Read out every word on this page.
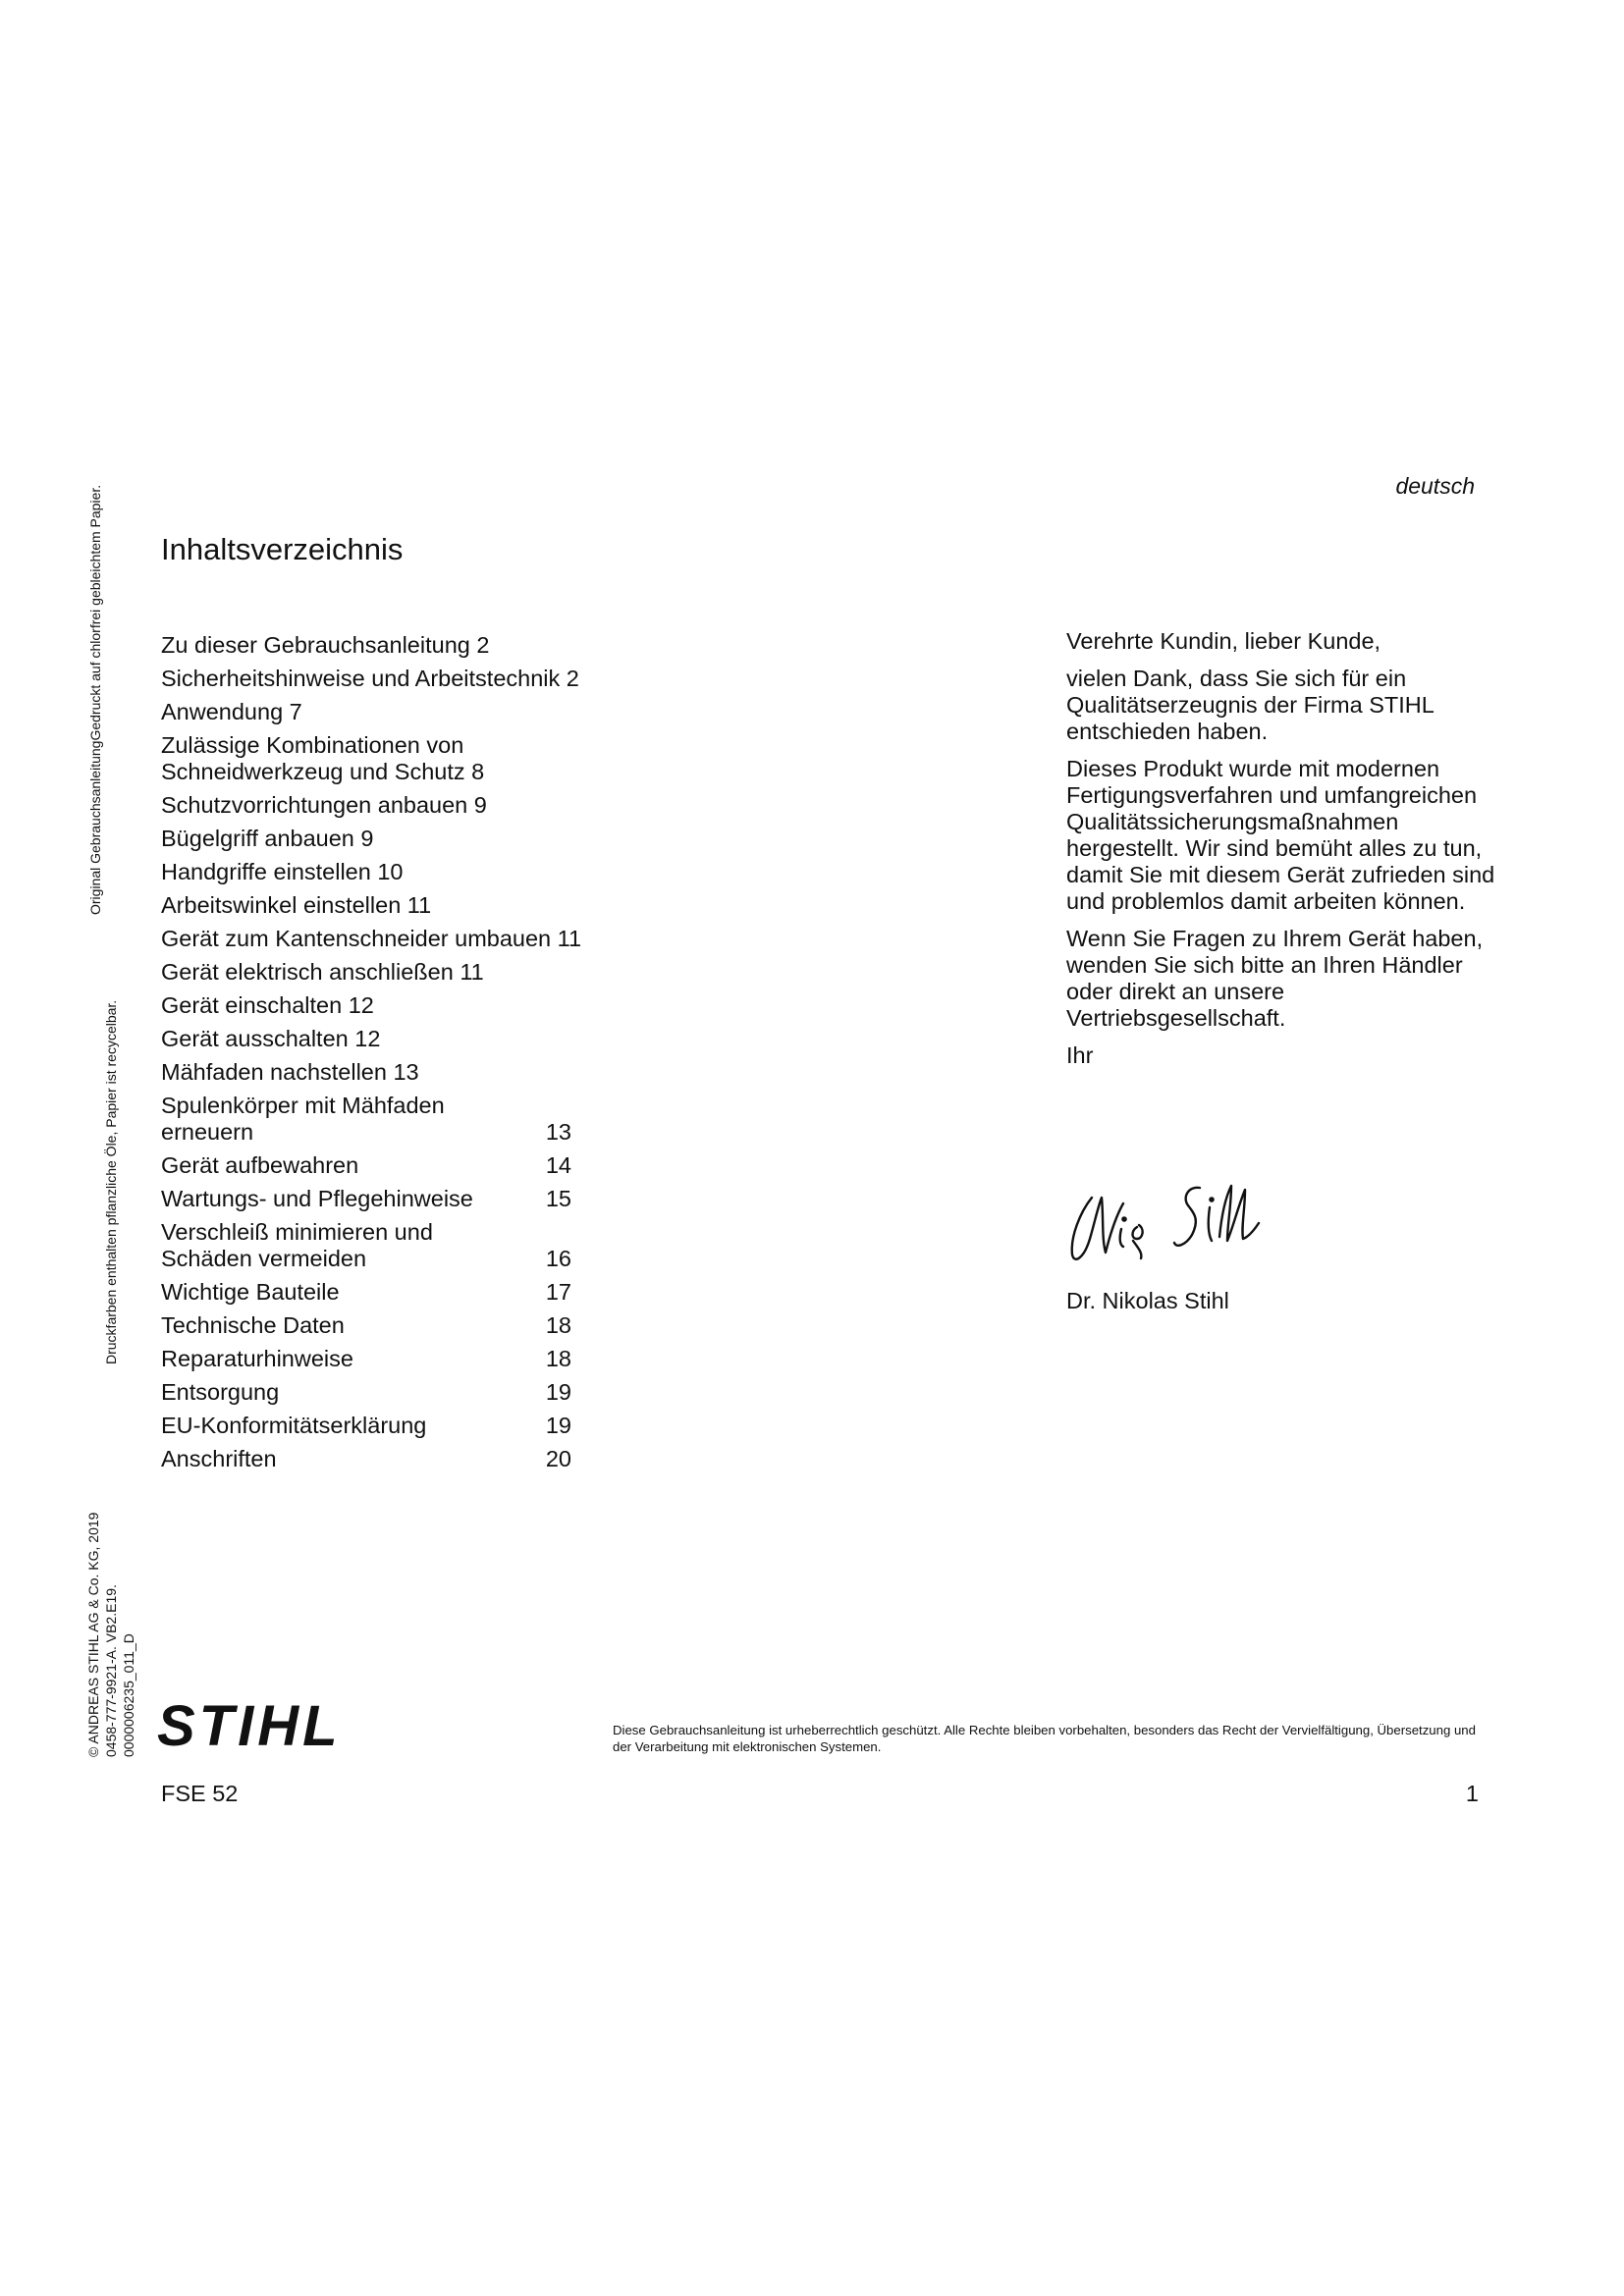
Original GebrauchsanleitungGedruckt auf chlorfrei gebleichtem Papier.
Druckfarben enthalten pflanzliche Öle, Papier ist recycelbar.
© ANDREAS STIHL AG & Co. KG, 2019 0458-777-9921-A. VB2.E19. 0000006235_011_D
deutsch
Inhaltsverzeichnis
Zu dieser Gebrauchsanleitung 2
Sicherheitshinweise und Arbeitstechnik 2
Anwendung 7
Zulässige Kombinationen von Schneidwerkzeug und Schutz 8
Schutzvorrichtungen anbauen 9
Bügelgriff anbauen 9
Handgriffe einstellen 10
Arbeitswinkel einstellen 11
Gerät zum Kantenschneider umbauen 11
Gerät elektrisch anschließen 11
Gerät einschalten 12
Gerät ausschalten 12
Mähfaden nachstellen 13
Spulenkörper mit Mähfaden erneuern	13
Gerät aufbewahren	14
Wartungs- und Pflegehinweise	15
Verschleiß minimieren und Schäden vermeiden	16
Wichtige Bauteile	17
Technische Daten	18
Reparaturhinweise	18
Entsorgung	19
EU-Konformitätserklärung	19
Anschriften	20

Verehrte Kundin, lieber Kunde,

vielen Dank, dass Sie sich für ein Qualitätserzeugnis der Firma STIHL entschieden haben.

Dieses Produkt wurde mit modernen Fertigungsverfahren und umfangreichen Qualitätssicherungsmaßnahmen hergestellt. Wir sind bemüht alles zu tun, damit Sie mit diesem Gerät zufrieden sind und problemlos damit arbeiten können.

Wenn Sie Fragen zu Ihrem Gerät haben, wenden Sie sich bitte an Ihren Händler oder direkt an unsere Vertriebsgesellschaft.

Ihr

Dr. Nikolas Stihl
STIHL	Diese Gebrauchsanleitung ist urheberrechtlich geschützt. Alle Rechte bleiben vorbehalten, besonders das Recht der Vervielfältigung, Übersetzung und der Verarbeitung mit elektronischen Systemen.
FSE 52	1
